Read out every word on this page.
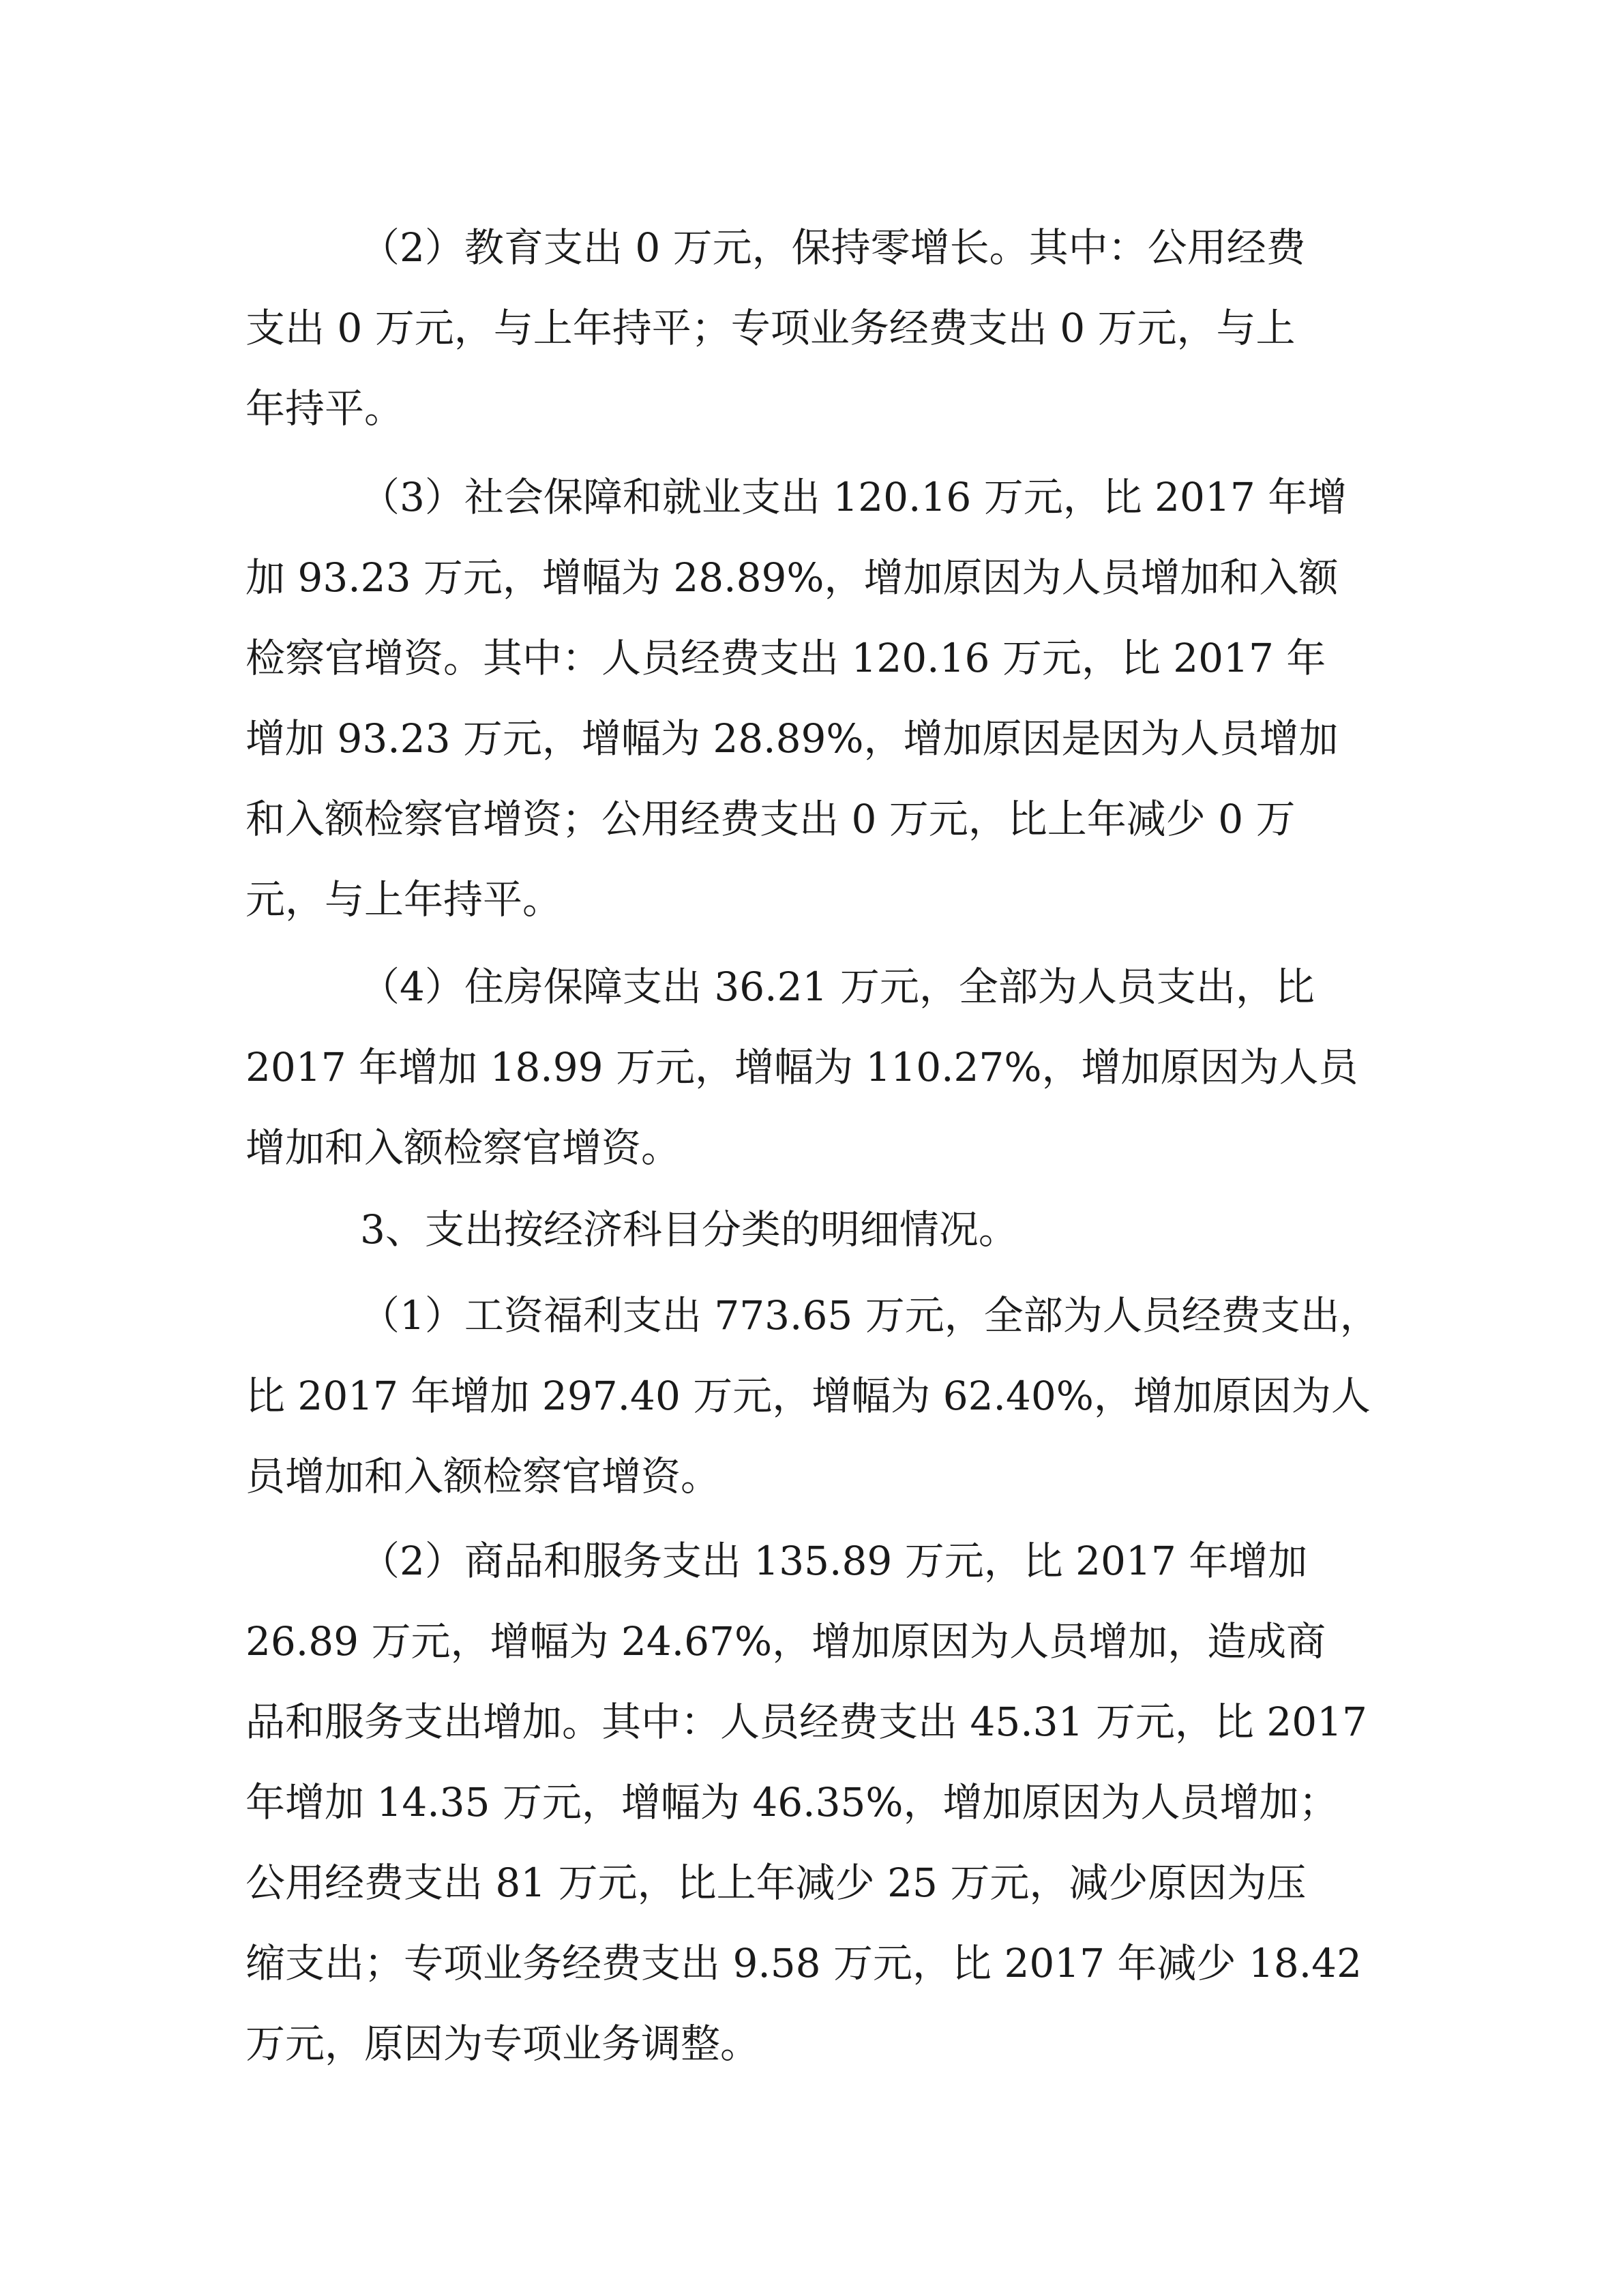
（2）教育支出 0 万元，保持零增长。其中：公用经费
支出 0 万元，与上年持平；专项业务经费支出 0 万元，与上
年持平。
（3）社会保障和就业支出 120.16 万元，比 2017 年增
加 93.23 万元，增幅为 28.89%，增加原因为人员增加和入额
检察官增资。其中：人员经费支出 120.16 万元，比 2017 年
增加 93.23 万元，增幅为 28.89%，增加原因是因为人员增加
和入额检察官增资；公用经费支出 0 万元，比上年减少 0 万
元，与上年持平。
（4）住房保障支出 36.21 万元，全部为人员支出，比
2017 年增加 18.99 万元，增幅为 110.27%，增加原因为人员
增加和入额检察官增资。
3、支出按经济科目分类的明细情况。
（1）工资福利支出 773.65 万元，全部为人员经费支出，
比 2017 年增加 297.40 万元，增幅为 62.40%，增加原因为人
员增加和入额检察官增资。
（2）商品和服务支出 135.89 万元，比 2017 年增加
26.89 万元，增幅为 24.67%，增加原因为人员增加，造成商
品和服务支出增加。其中：人员经费支出 45.31 万元，比 2017
年增加 14.35 万元，增幅为 46.35%，增加原因为人员增加；
公用经费支出 81 万元，比上年减少 25 万元，减少原因为压
缩支出；专项业务经费支出 9.58 万元，比 2017 年减少 18.42
万元，原因为专项业务调整。
